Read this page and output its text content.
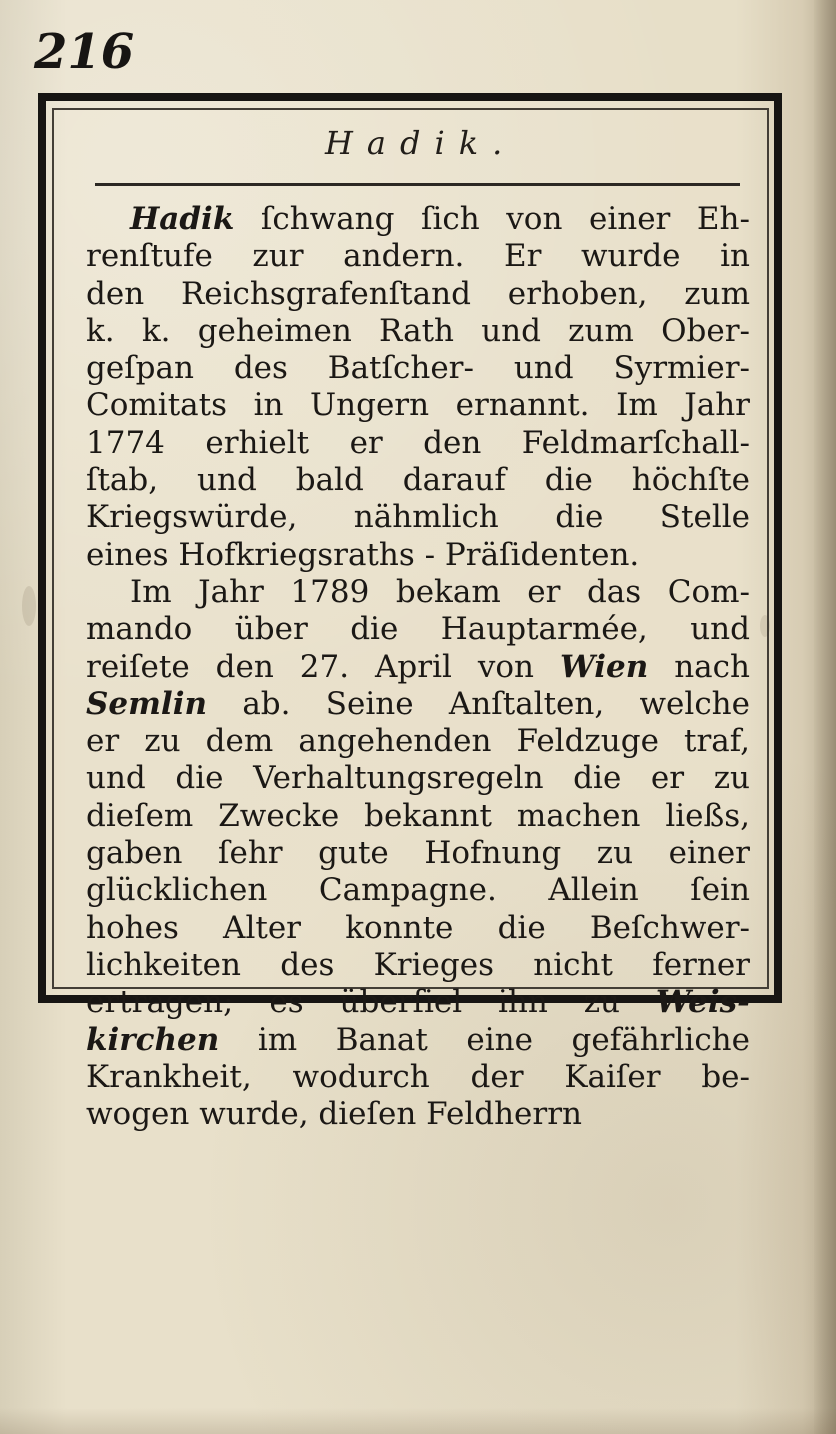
216
Hadik.
Hadik ſchwang ſich von einer Eh-
renſtufe zur andern. Er wurde in
den Reichsgrafenſtand erhoben, zum
k. k. geheimen Rath und zum Ober-
geſpan des Batſcher- und Syrmier-
Comitats in Ungern ernannt. Im Jahr
1774 erhielt er den Feldmarſchall-
ſtab, und bald darauf die höchſte
Kriegswürde, nähmlich die Stelle
eines Hofkriegsraths - Präſidenten.
Im Jahr 1789 bekam er das Com-
mando über die Hauptarmée, und
reiſete den 27. April von Wien nach
Semlin ab. Seine Anſtalten, welche
er zu dem angehenden Feldzuge traf,
und die Verhaltungsregeln die er zu
dieſem Zwecke bekannt machen ließs,
gaben ſehr gute Hofnung zu einer
glücklichen Campagne. Allein ſein
hohes Alter konnte die Beſchwer-
lichkeiten des Krieges nicht ferner
ertragen; es überſiel ihn zu Weis-
kirchen im Banat eine gefährliche
Krankheit, wodurch der Kaiſer be-
wogen wurde, dieſen Feldherrn
